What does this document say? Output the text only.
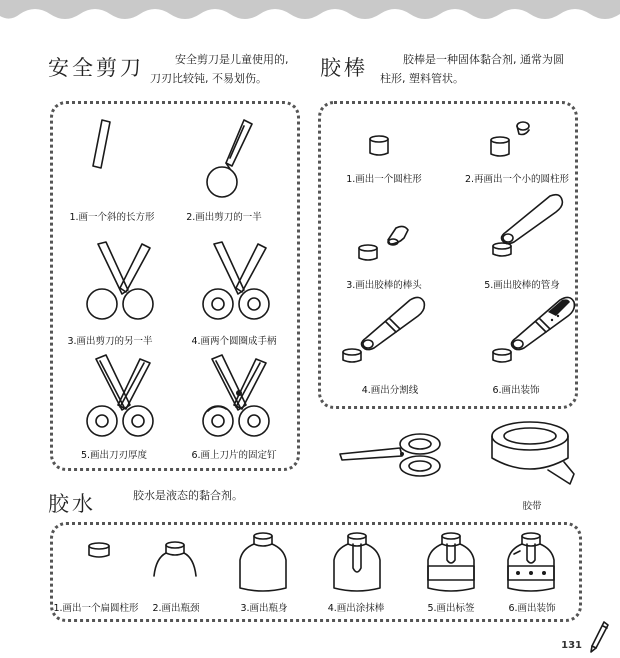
安全剪刀	安全剪刀是儿童使用的,
刀刃比较钝, 不易划伤。	胶棒	胶棒是一种固体黏合剂, 通常为圆
柱形, 塑料管状。
1.画一个斜的长方形	2.画出剪刀的一半
3.画出剪刀的另一半	4.画两个圆圈成手柄
5.画出刀刃厚度	6.画上刀片的固定钉
1.画出一个圆柱形	2.再画出一个小的圆柱形
3.画出胶棒的棒头	5.画出胶棒的管身
4.画出分割线	6.画出装饰
胶带
胶水	胶水是液态的黏合剂。
1.画出一个扁圆柱形 2.画出瓶颈	3.画出瓶身	4.画出涂抹棒	5.画出标签	6.画出装饰
131
